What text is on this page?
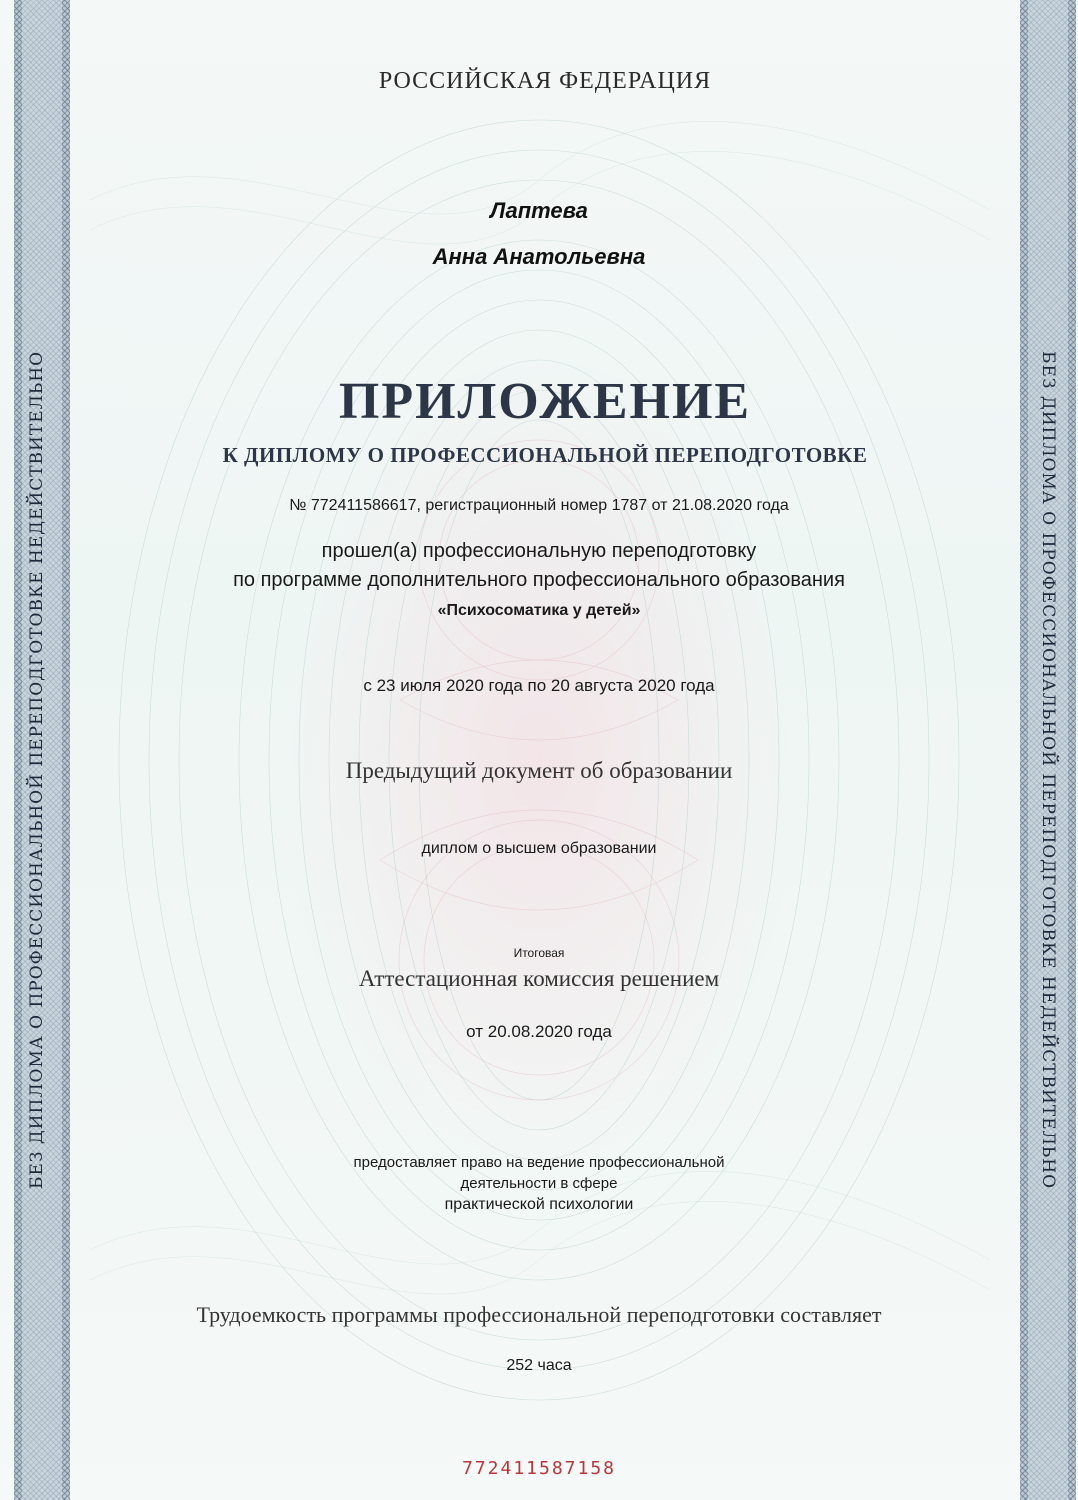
БЕЗ ДИПЛОМА О ПРОФЕССИОНАЛЬНОЙ ПЕРЕПОДГОТОВКЕ НЕДЕЙСТВИТЕЛЬНО	БЕЗ ДИПЛОМА О ПРОФЕССИОНАЛЬНОЙ ПЕРЕПОДГОТОВКЕ НЕДЕЙСТВИТЕЛЬНО
РОССИЙСКАЯ ФЕДЕРАЦИЯ
Лаптева
Анна Анатольевна
ПРИЛОЖЕНИЕ
К ДИПЛОМУ О ПРОФЕССИОНАЛЬНОЙ ПЕРЕПОДГОТОВКЕ
№ 772411586617, регистрационный номер 1787 от 21.08.2020 года
прошел(а) профессиональную переподготовку
по программе дополнительного профессионального образования
«Психосоматика у детей»
с 23 июля 2020 года по 20 августа 2020 года
Предыдущий документ об образовании
диплом о высшем образовании
Итоговая
Аттестационная комиссия решением
от 20.08.2020 года
предоставляет право на ведение профессиональной
деятельности в сфере
практической психологии
Трудоемкость программы профессиональной переподготовки составляет
252 часа
772411587158
